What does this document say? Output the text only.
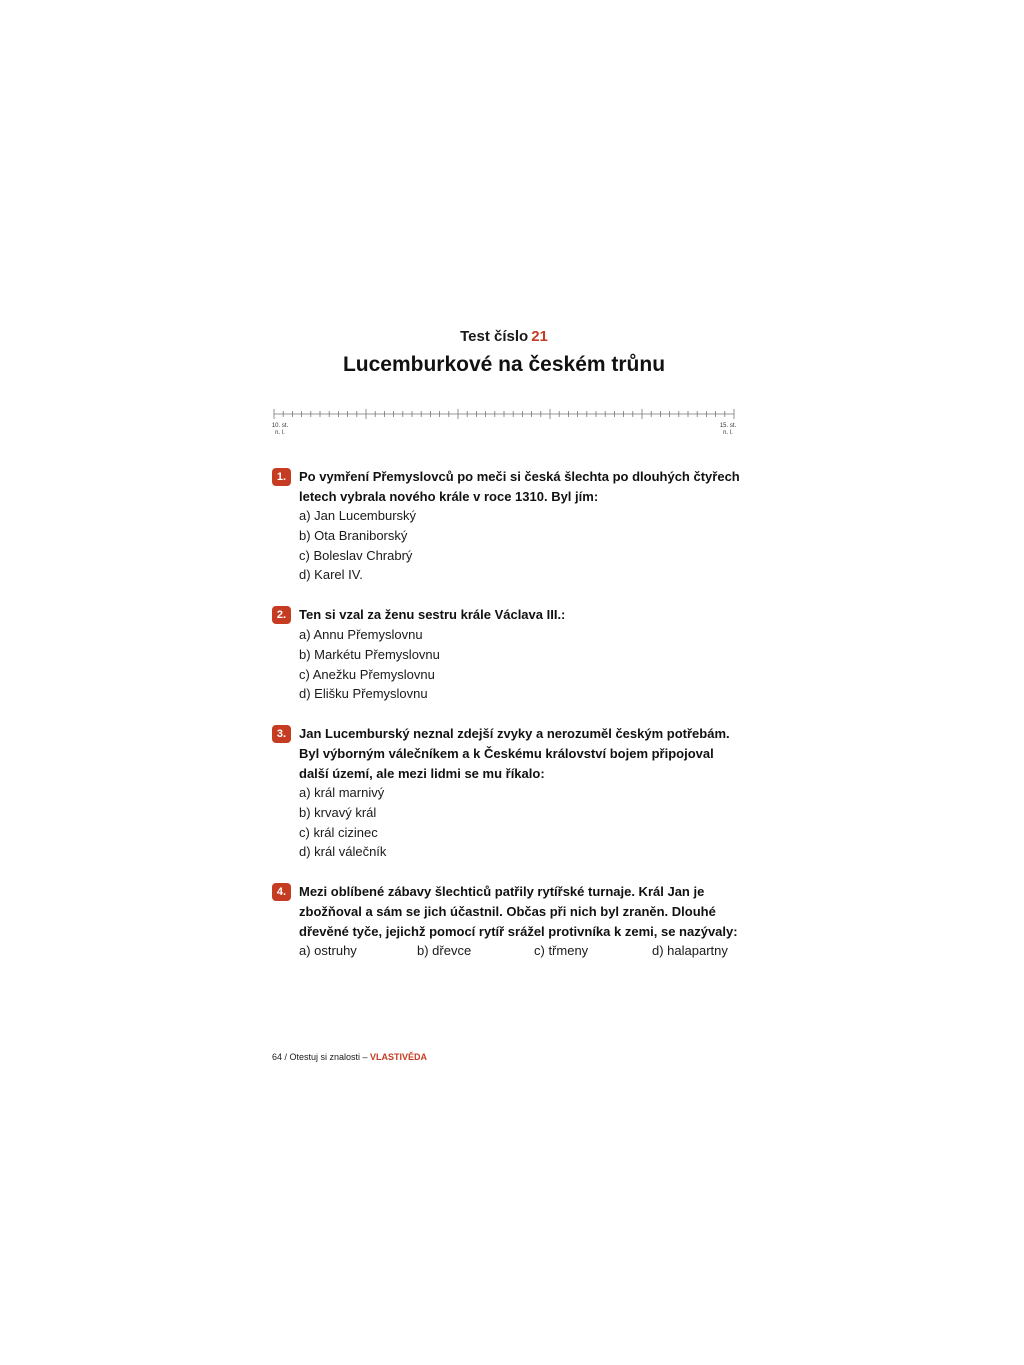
Test číslo 21
Lucemburkové na českém trůnu
10. st.
n. l.
15. st.
n. l.
1. Po vymření Přemyslovců po meči si česká šlechta po dlouhých čtyřech letech vybrala nového krále v roce 1310. Byl jím:
a) Jan Lucemburský
b) Ota Braniborský
c) Boleslav Chrabrý
d) Karel IV.
2. Ten si vzal za ženu sestru krále Václava III.:
a) Annu Přemyslovnu
b) Markétu Přemyslovnu
c) Anežku Přemyslovnu
d) Elišku Přemyslovnu
3. Jan Lucemburský neznal zdejší zvyky a nerozuměl českým potřebám. Byl výborným válečníkem a k Českému království bojem připojoval další území, ale mezi lidmi se mu říkalo:
a) král marnivý
b) krvavý král
c) král cizinec
d) král válečník
4. Mezi oblíbené zábavy šlechticů patřily rytířské turnaje. Král Jan je zbožňoval a sám se jich účastnil. Občas při nich byl zraněn. Dlouhé dřevěné tyče, jejichž pomocí rytíř srážel protivníka k zemi, se nazývaly:
a) ostruhy	b) dřevce	c) třmeny	d) halapartny
64 / Otestuj si znalosti – VLASTIVĚDA
